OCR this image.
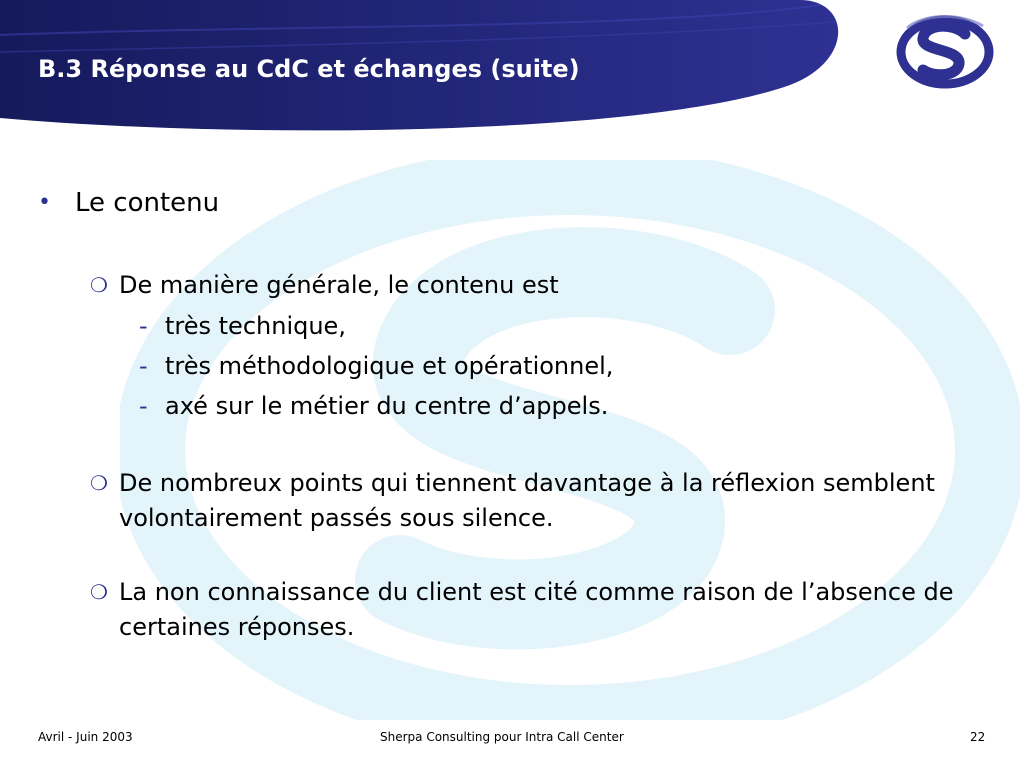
B.3 Réponse au CdC et échanges (suite)
• Le contenu
❍ De manière générale, le contenu est
- très technique,
- très méthodologique et opérationnel,
- axé sur le métier du centre d’appels.
❍ De nombreux points qui tiennent davantage à la réflexion semblent volontairement passés sous silence.
❍ La non connaissance du client est cité comme raison de l’absence de certaines réponses.
Avril - Juin 2003	Sherpa Consulting pour Intra Call Center	22
